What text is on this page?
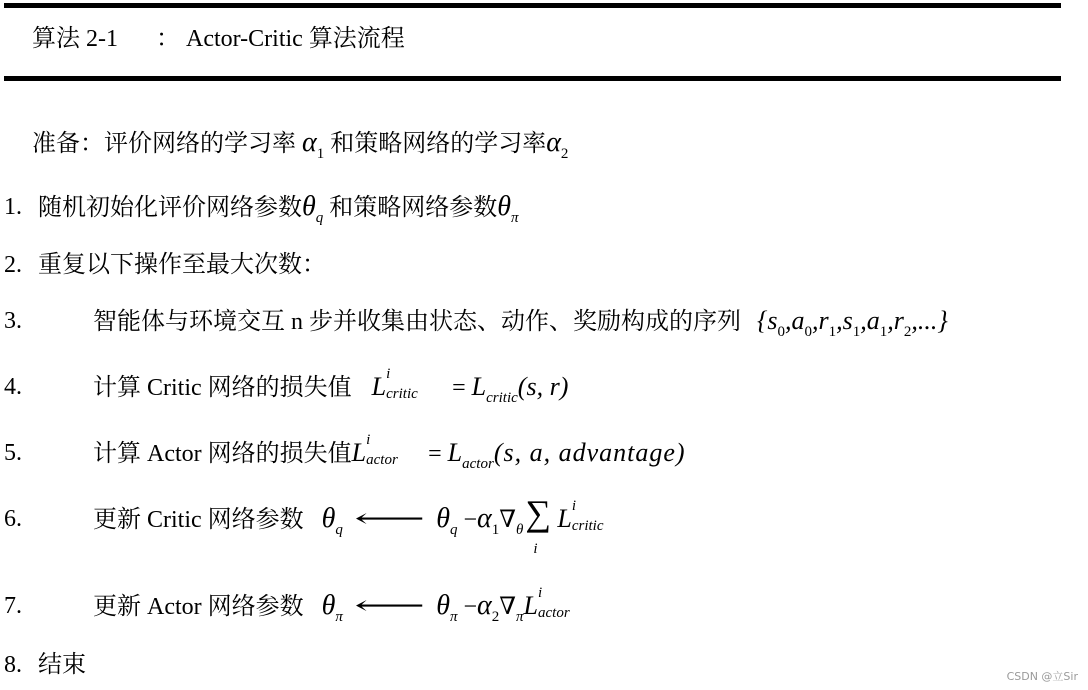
算法 2-1 ： Actor-Critic 算法流程
准备：评价网络的学习率 $\alpha_1$ 和策略网络的学习率$\alpha_2$
1. 随机初始化评价网络参数$\theta_q$ 和策略网络参数$\theta_\pi$
2. 重复以下操作至最大次数：
3.	智能体与环境交互 n 步并收集由状态、动作、奖励构成的序列 $\{s_0,a_0,r_1,s_1,a_1,r_2,...\}$
4.	计算 Critic 网络的损失值 L i
critic = $L_{critic}(s$, r)
5.	计算 Actor 网络的损失值L i
actor = $L_{actor}(s$, a, advantage)
6.	更新 Critic 网络参数 $\theta_q$ ⟵ $\theta_q -\alpha_1\nabla_\theta$ ∑
i
L i
critic
7.	更新 Actor 网络参数 $\theta_\pi$ ⟵ $\theta_\pi -\alpha_2\nabla_\pi L$ i
actor
8. 结束	CSDN @立Sir
